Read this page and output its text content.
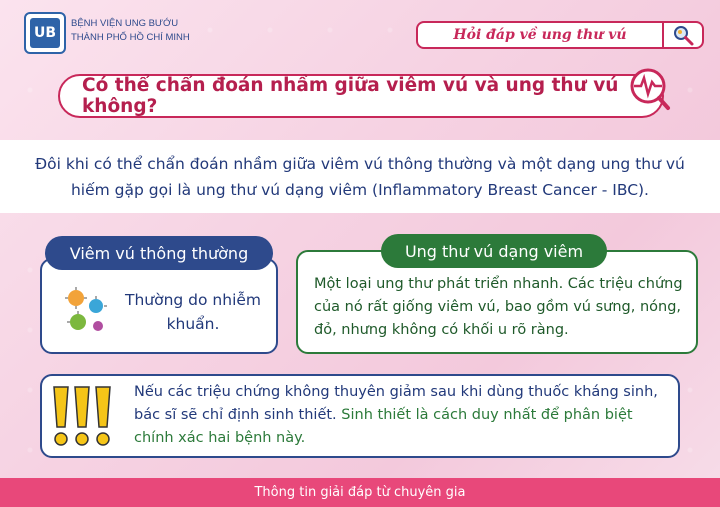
UB
BỆNH VIỆN UNG BƯỚU
THÀNH PHỐ HỒ CHÍ MINH	Hỏi đáp về ung thư vú
Có thể chẩn đoán nhầm giữa viêm vú và ung thư vú không?
Đôi khi có thể chẩn đoán nhầm giữa viêm vú thông thường và một dạng ung thư vú hiếm gặp gọi là ung thư vú dạng viêm (Inflammatory Breast Cancer - IBC).
Viêm vú thông thường
Thường do nhiễm khuẩn.
Ung thư vú dạng viêm
Một loại ung thư phát triển nhanh. Các triệu chứng của nó rất giống viêm vú, bao gồm vú sưng, nóng, đỏ, nhưng không có khối u rõ ràng.
Nếu các triệu chứng không thuyên giảm sau khi dùng thuốc kháng sinh, bác sĩ sẽ chỉ định sinh thiết. Sinh thiết là cách duy nhất để phân biệt chính xác hai bệnh này.
Thông tin giải đáp từ chuyên gia
